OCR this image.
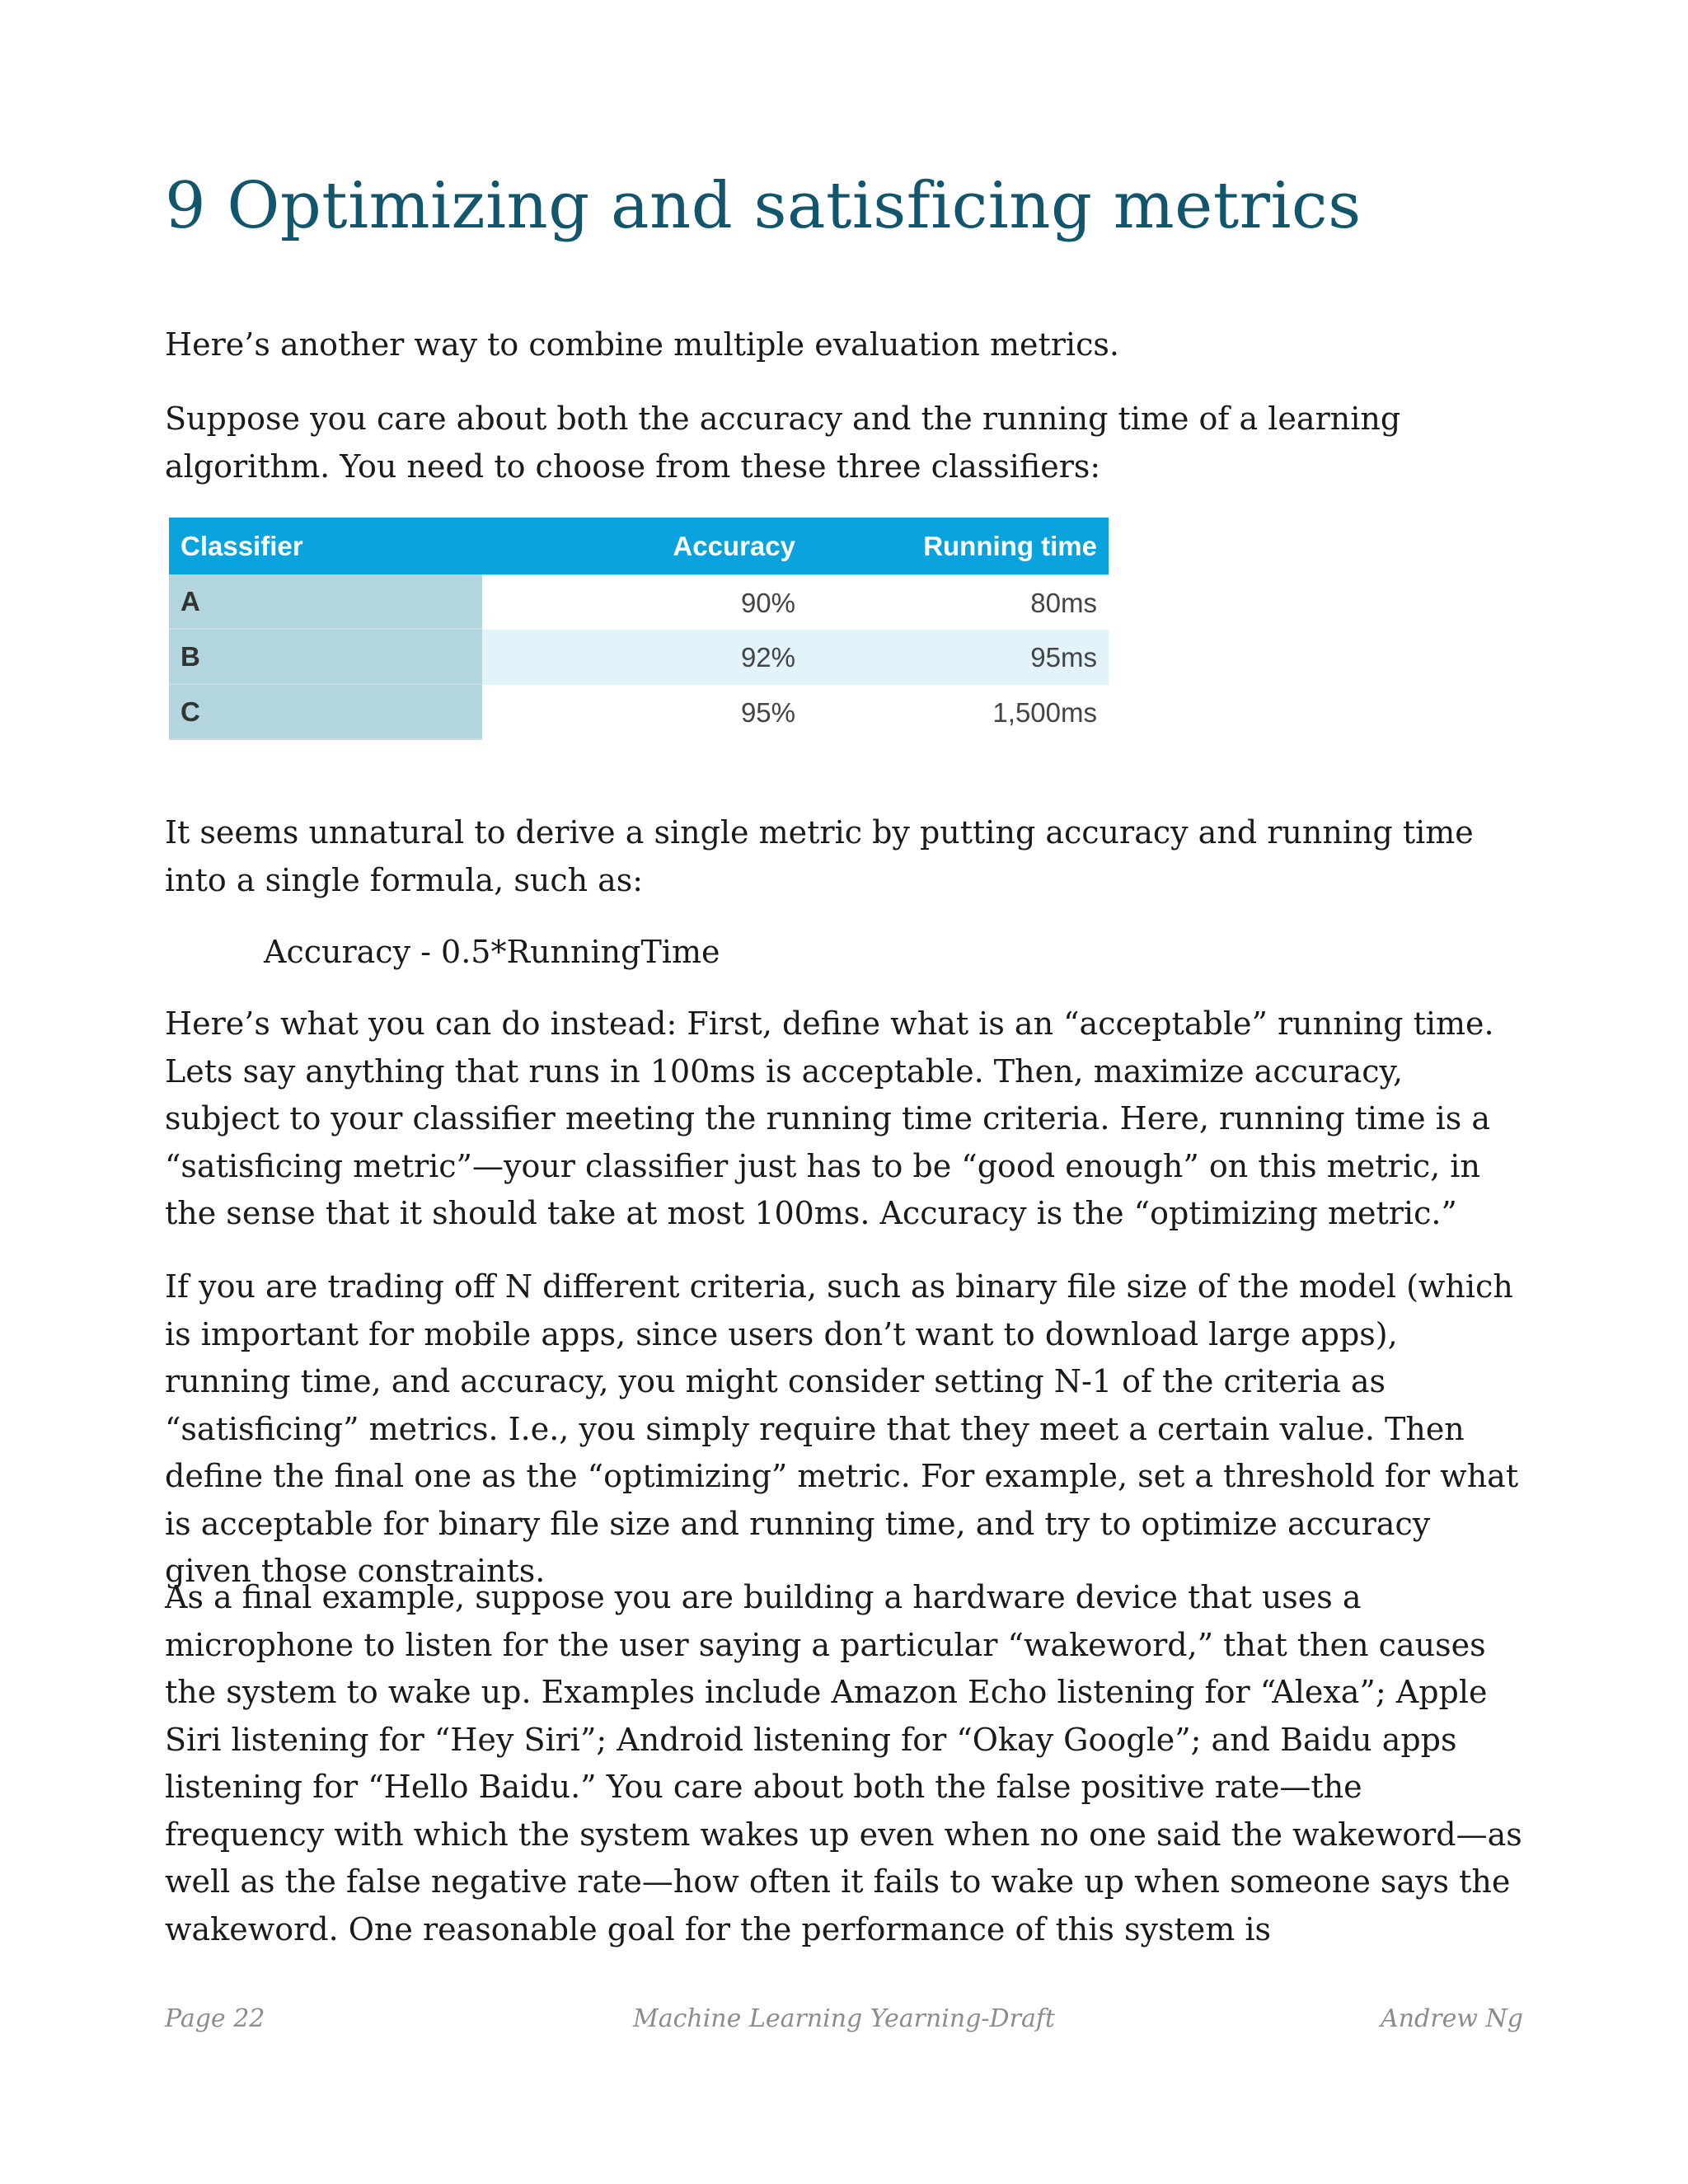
9 Optimizing and satisficing metrics

Here’s another way to combine multiple evaluation metrics.

Suppose you care about both the accuracy and the running time of a learning algorithm. You need to choose from these three classifiers:

Classifier	Accuracy	Running time
A	90%	80ms
B	92%	95ms
C	95%	1,500ms

It seems unnatural to derive a single metric by putting accuracy and running time into a single formula, such as:

Accuracy - 0.5*RunningTime

Here’s what you can do instead: First, define what is an “acceptable” running time. Lets say anything that runs in 100ms is acceptable. Then, maximize accuracy, subject to your classifier meeting the running time criteria. Here, running time is a “satisficing metric”—your classifier just has to be “good enough” on this metric, in the sense that it should take at most 100ms. Accuracy is the “optimizing metric.”

If you are trading off N different criteria, such as binary file size of the model (which is important for mobile apps, since users don’t want to download large apps), running time, and accuracy, you might consider setting N-1 of the criteria as “satisficing” metrics. I.e., you simply require that they meet a certain value. Then define the final one as the “optimizing” metric. For example, set a threshold for what is acceptable for binary file size and running time, and try to optimize accuracy given those constraints.

As a final example, suppose you are building a hardware device that uses a microphone to listen for the user saying a particular “wakeword,” that then causes the system to wake up. Examples include Amazon Echo listening for “Alexa”; Apple Siri listening for “Hey Siri”; Android listening for “Okay Google”; and Baidu apps listening for “Hello Baidu.” You care about both the false positive rate—the frequency with which the system wakes up even when no one said the wakeword—as well as the false negative rate—how often it fails to wake up when someone says the wakeword. One reasonable goal for the performance of this system is

Page 22	Machine Learning Yearning-Draft	Andrew Ng
